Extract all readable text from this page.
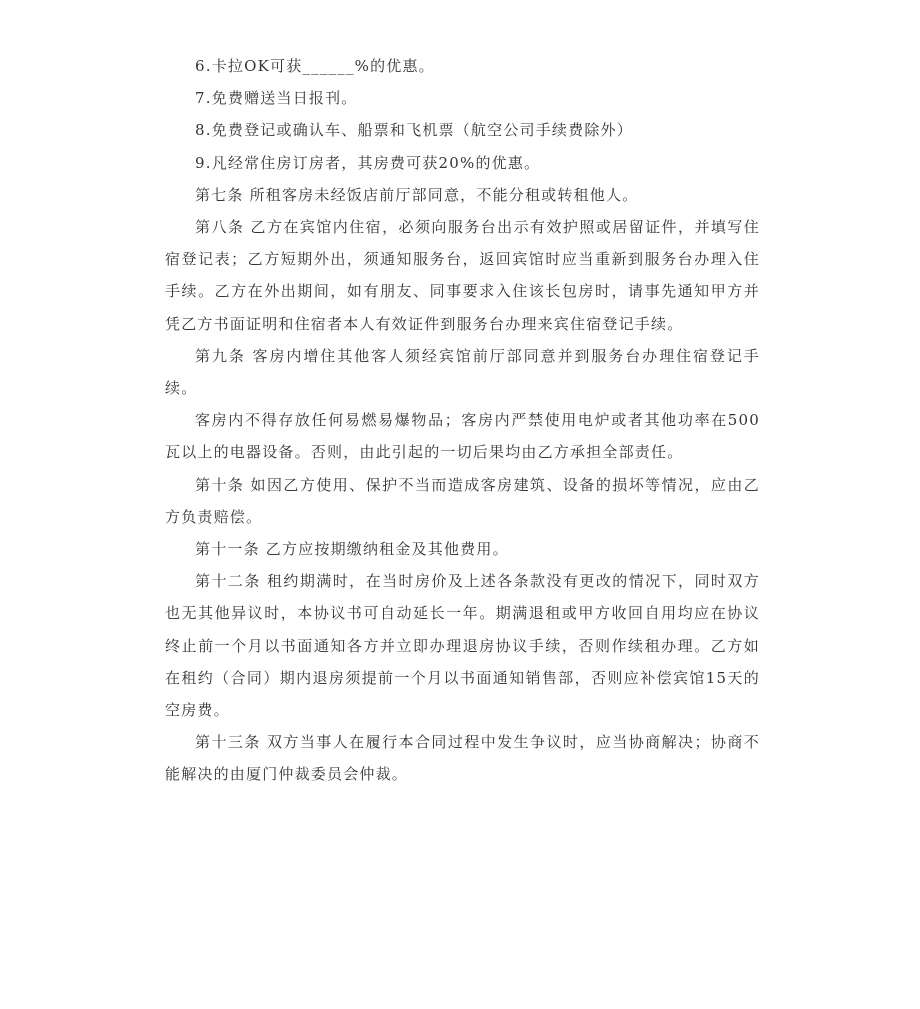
6.卡拉OK可获______%的优惠。

7.免费赠送当日报刊。

8.免费登记或确认车、船票和飞机票（航空公司手续费除外）

9.凡经常住房订房者，其房费可获20%的优惠。

第七条 所租客房未经饭店前厅部同意，不能分租或转租他人。

第八条 乙方在宾馆内住宿，必须向服务台出示有效护照或居留证件，并填写住宿登记表；乙方短期外出，须通知服务台，返回宾馆时应当重新到服务台办理入住手续。乙方在外出期间，如有朋友、同事要求入住该长包房时，请事先通知甲方并凭乙方书面证明和住宿者本人有效证件到服务台办理来宾住宿登记手续。

第九条 客房内增住其他客人须经宾馆前厅部同意并到服务台办理住宿登记手续。

客房内不得存放任何易燃易爆物品；客房内严禁使用电炉或者其他功率在500瓦以上的电器设备。否则，由此引起的一切后果均由乙方承担全部责任。

第十条 如因乙方使用、保护不当而造成客房建筑、设备的损坏等情况，应由乙方负责赔偿。

第十一条 乙方应按期缴纳租金及其他费用。

第十二条 租约期满时，在当时房价及上述各条款没有更改的情况下，同时双方也无其他异议时，本协议书可自动延长一年。期满退租或甲方收回自用均应在协议终止前一个月以书面通知各方并立即办理退房协议手续，否则作续租办理。乙方如在租约（合同）期内退房须提前一个月以书面通知销售部，否则应补偿宾馆15天的空房费。

第十三条 双方当事人在履行本合同过程中发生争议时，应当协商解决；协商不能解决的由厦门仲裁委员会仲裁。
